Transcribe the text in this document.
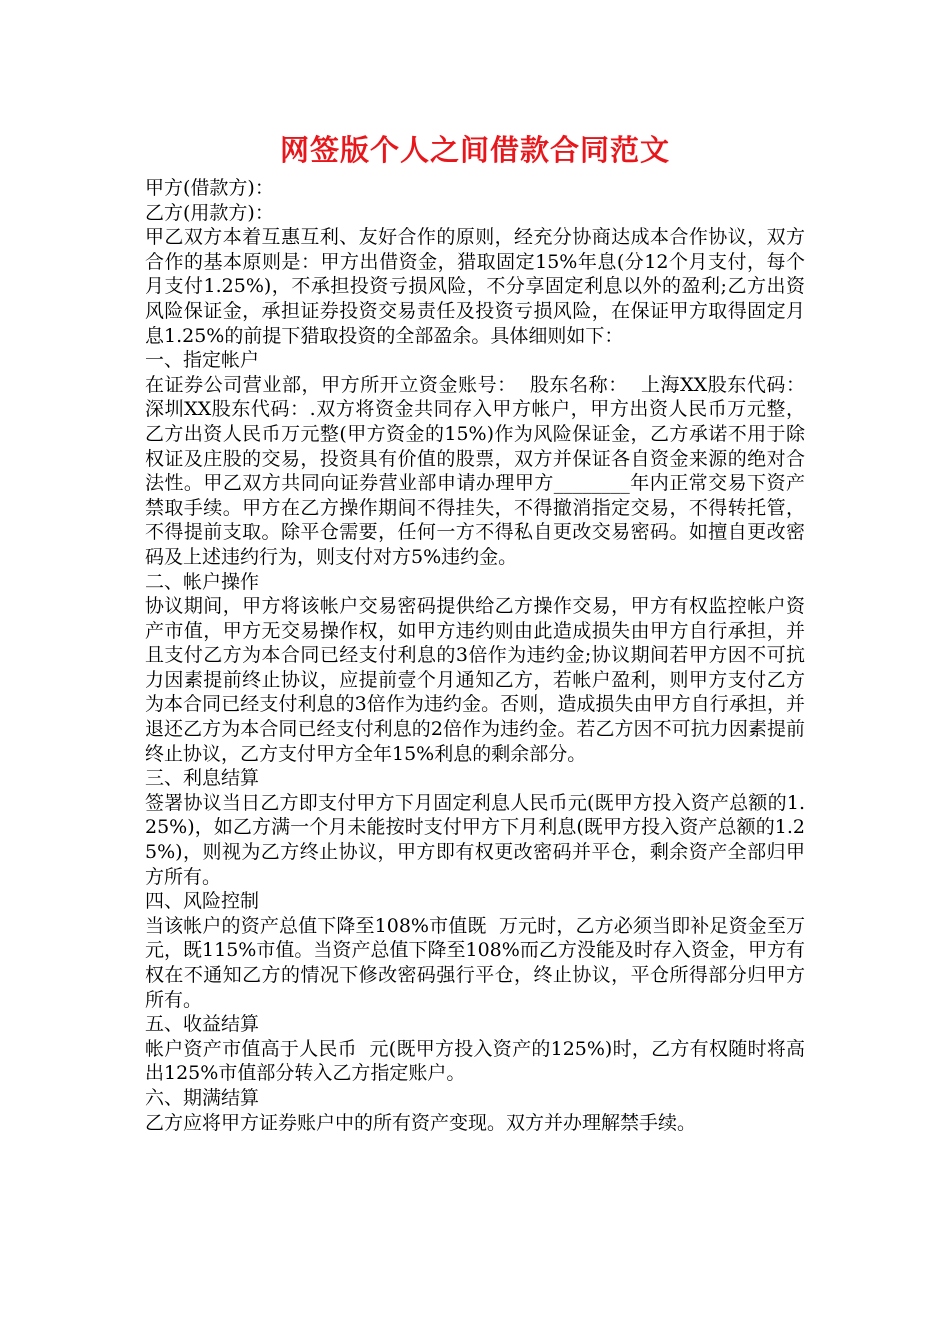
网签版个人之间借款合同范文

甲方(借款方)：

乙方(用款方)：

甲乙双方本着互惠互利、友好合作的原则，经充分协商达成本合作协议，双方合作的基本原则是：甲方出借资金，猎取固定15%年息(分12个月支付，每个月支付1.25%)，不承担投资亏损风险，不分享固定利息以外的盈利;乙方出资风险保证金，承担证券投资交易责任及投资亏损风险，在保证甲方取得固定月息1.25%的前提下猎取投资的全部盈余。具体细则如下：

一、指定帐户

在证券公司营业部，甲方所开立资金账号：  股东名称：  上海XX股东代码：  深圳XX股东代码：.双方将资金共同存入甲方帐户，甲方出资人民币万元整，乙方出资人民币万元整(甲方资金的15%)作为风险保证金，乙方承诺不用于除权证及庄股的交易，投资具有价值的股票，双方并保证各自资金来源的绝对合法性。甲乙双方共同向证券营业部申请办理甲方________年内正常交易下资产禁取手续。甲方在乙方操作期间不得挂失，不得撤消指定交易，不得转托管，不得提前支取。除平仓需要，任何一方不得私自更改交易密码。如擅自更改密码及上述违约行为，则支付对方5%违约金。

二、帐户操作

协议期间，甲方将该帐户交易密码提供给乙方操作交易，甲方有权监控帐户资产市值，甲方无交易操作权，如甲方违约则由此造成损失由甲方自行承担，并且支付乙方为本合同已经支付利息的3倍作为违约金;协议期间若甲方因不可抗力因素提前终止协议，应提前壹个月通知乙方，若帐户盈利，则甲方支付乙方为本合同已经支付利息的3倍作为违约金。否则，造成损失由甲方自行承担，并退还乙方为本合同已经支付利息的2倍作为违约金。若乙方因不可抗力因素提前终止协议，乙方支付甲方全年15%利息的剩余部分。

三、利息结算

签署协议当日乙方即支付甲方下月固定利息人民币元(既甲方投入资产总额的1.25%)，如乙方满一个月未能按时支付甲方下月利息(既甲方投入资产总额的1.25%)，则视为乙方终止协议，甲方即有权更改密码并平仓，剩余资产全部归甲方所有。

四、风险控制

当该帐户的资产总值下降至108%市值既  万元时，乙方必须当即补足资金至万元，既115%市值。当资产总值下降至108%而乙方没能及时存入资金，甲方有权在不通知乙方的情况下修改密码强行平仓，终止协议，平仓所得部分归甲方所有。

五、收益结算

帐户资产市值高于人民币  元(既甲方投入资产的125%)时，乙方有权随时将高出125%市值部分转入乙方指定账户。

六、期满结算

乙方应将甲方证券账户中的所有资产变现。双方并办理解禁手续。
